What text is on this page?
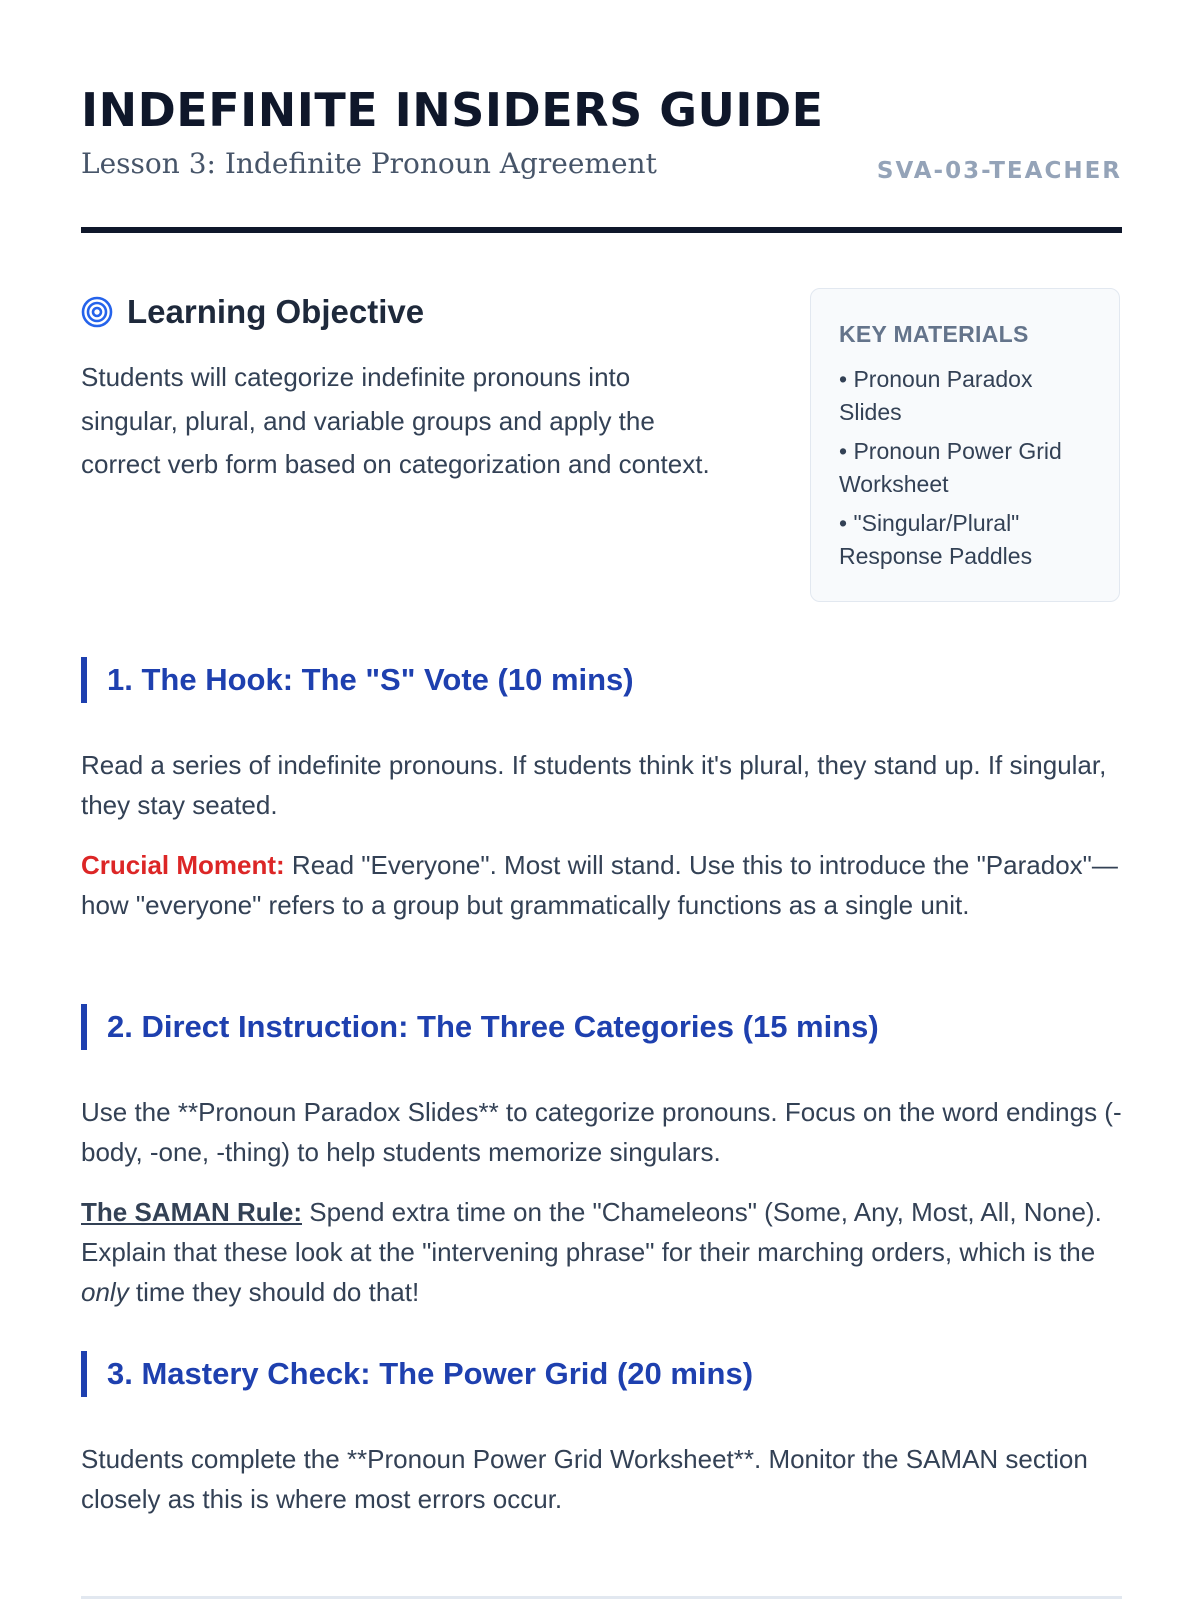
INDEFINITE INSIDERS GUIDE
Lesson 3: Indefinite Pronoun Agreement	SVA-03-TEACHER
Learning Objective

Students will categorize indefinite pronouns into singular, plural, and variable groups and apply the correct verb form based on categorization and context.

KEY MATERIALS
• Pronoun Paradox Slides
• Pronoun Power Grid Worksheet
• "Singular/Plural" Response Paddles
1. The Hook: The "S" Vote (10 mins)

Read a series of indefinite pronouns. If students think it's plural, they stand up. If singular, they stay seated.

Crucial Moment: Read "Everyone". Most will stand. Use this to introduce the "Paradox"—how "everyone" refers to a group but grammatically functions as a single unit.

2. Direct Instruction: The Three Categories (15 mins)

Use the **Pronoun Paradox Slides** to categorize pronouns. Focus on the word endings (-body, -one, -thing) to help students memorize singulars.

The SAMAN Rule: Spend extra time on the "Chameleons" (Some, Any, Most, All, None). Explain that these look at the "intervening phrase" for their marching orders, which is the only time they should do that!

3. Mastery Check: The Power Grid (20 mins)

Students complete the **Pronoun Power Grid Worksheet**. Monitor the SAMAN section closely as this is where most errors occur.
